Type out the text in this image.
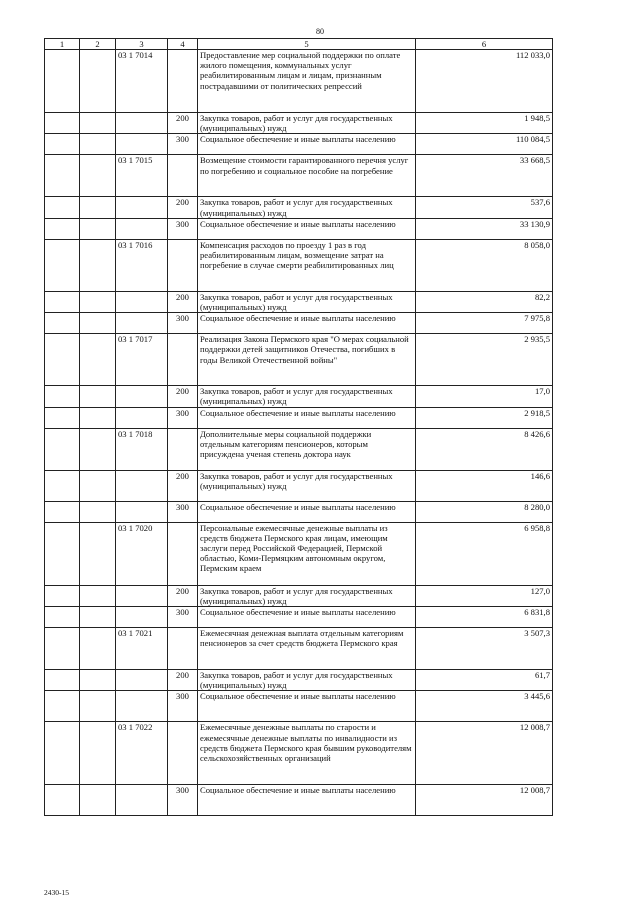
80
1	2	3	4	5	6
		03 1 7014		Предоставление мер социальной поддержки по оплате жилого помещения, коммунальных услуг реабилитированным лицам и лицам, признанным пострадавшими от политических репрессий	112 033,0
			200	Закупка товаров, работ и услуг для государственных (муниципальных) нужд	1 948,5
			300	Социальное обеспечение и иные выплаты населению	110 084,5
		03 1 7015		Возмещение стоимости гарантированного перечня услуг по погребению и социальное пособие на погребение	33 668,5
			200	Закупка товаров, работ и услуг для государственных (муниципальных) нужд	537,6
			300	Социальное обеспечение и иные выплаты населению	33 130,9
		03 1 7016		Компенсация расходов по проезду 1 раз в год реабилитированным лицам, возмещение затрат на погребение в случае смерти реабилитированных лиц	8 058,0
			200	Закупка товаров, работ и услуг для государственных (муниципальных) нужд	82,2
			300	Социальное обеспечение и иные выплаты населению	7 975,8
		03 1 7017		Реализация Закона Пермского края "О мерах социальной поддержки детей защитников Отечества, погибших в годы Великой Отечественной войны"	2 935,5
			200	Закупка товаров, работ и услуг для государственных (муниципальных) нужд	17,0
			300	Социальное обеспечение и иные выплаты населению	2 918,5
		03 1 7018		Дополнительные меры социальной поддержки отдельным категориям пенсионеров, которым присуждена ученая степень доктора наук	8 426,6
			200	Закупка товаров, работ и услуг для государственных (муниципальных) нужд	146,6
			300	Социальное обеспечение и иные выплаты населению	8 280,0
		03 1 7020		Персональные ежемесячные денежные выплаты из средств бюджета Пермского края лицам, имеющим заслуги перед Российской Федерацией, Пермской областью, Коми-Пермяцким автономным округом, Пермским краем	6 958,8
			200	Закупка товаров, работ и услуг для государственных (муниципальных) нужд	127,0
			300	Социальное обеспечение и иные выплаты населению	6 831,8
		03 1 7021		Ежемесячная денежная выплата отдельным категориям пенсионеров за счет средств бюджета Пермского края	3 507,3
			200	Закупка товаров, работ и услуг для государственных (муниципальных) нужд	61,7
			300	Социальное обеспечение и иные выплаты населению	3 445,6
		03 1 7022		Ежемесячные денежные выплаты по старости и ежемесячные денежные выплаты по инвалидности из средств бюджета Пермского края бывшим руководителям сельскохозяйственных организаций	12 008,7
			300	Социальное обеспечение и иные выплаты населению	12 008,7
2430-15
